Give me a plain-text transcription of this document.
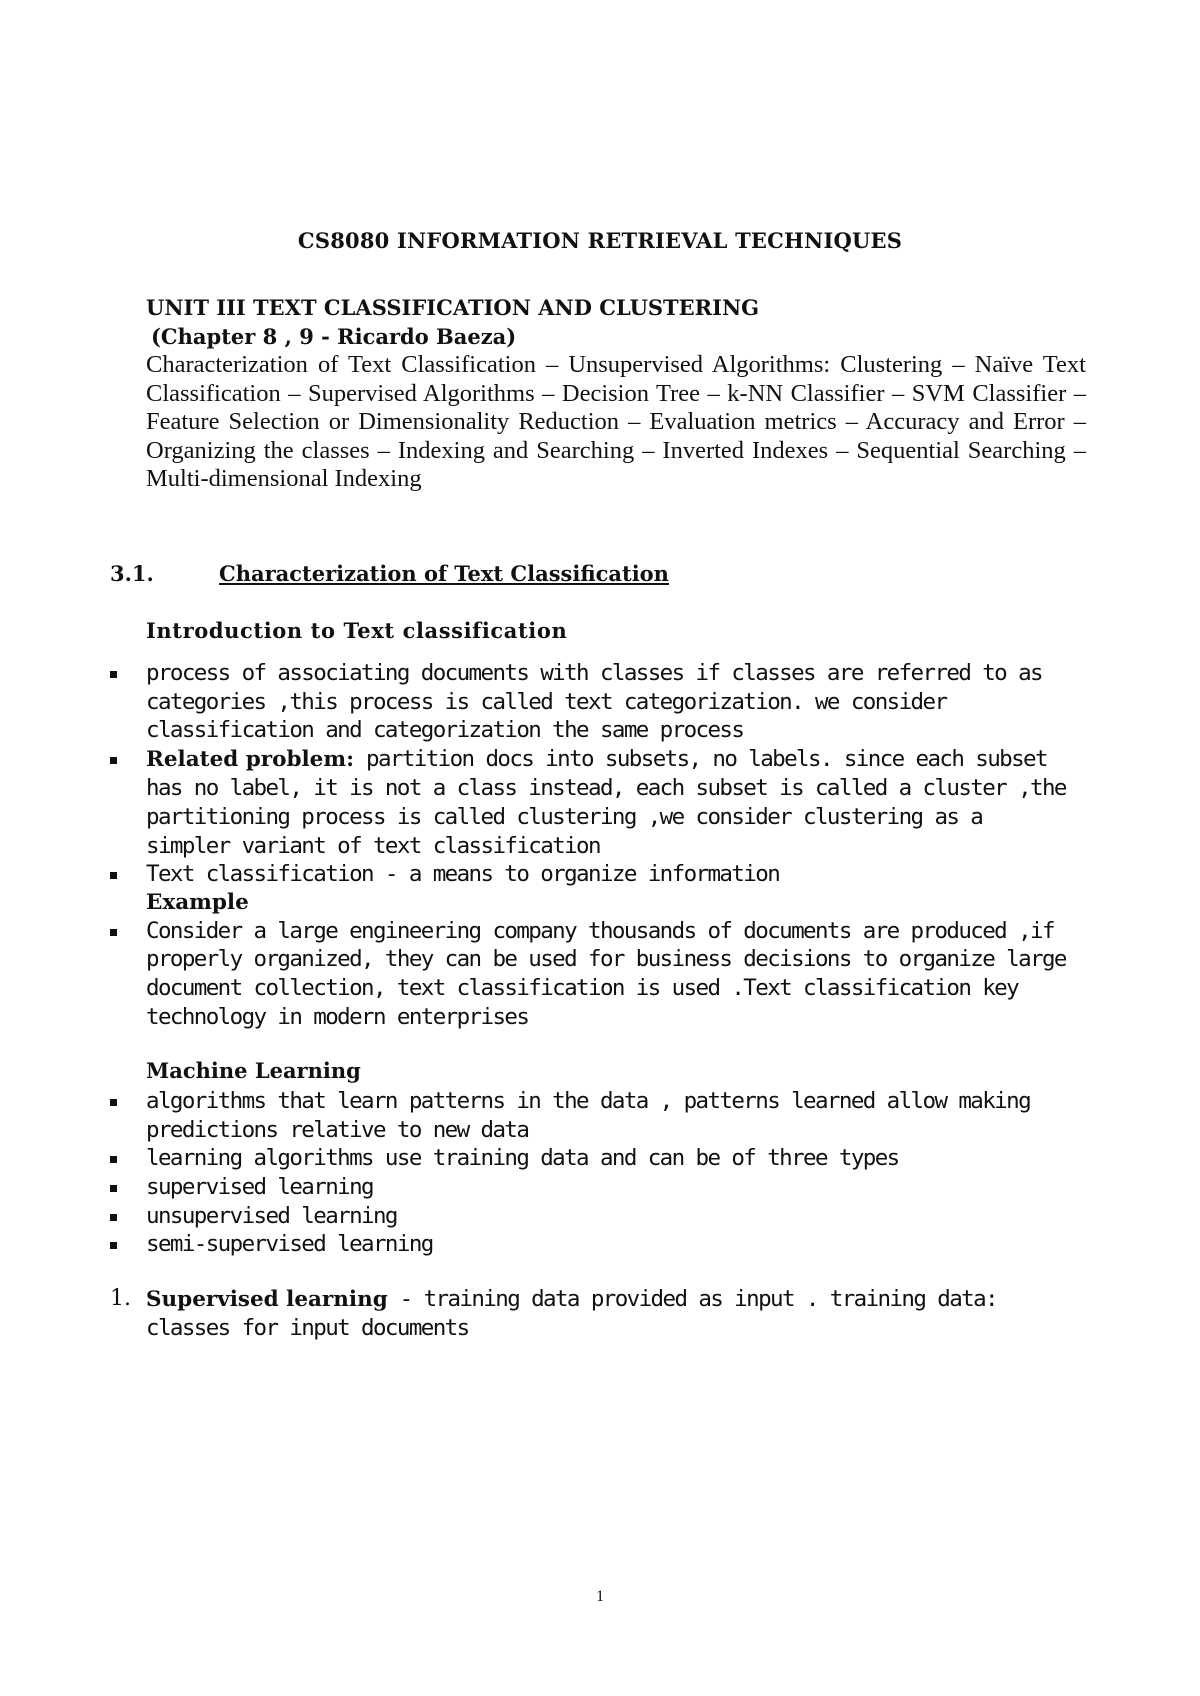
CS8080 INFORMATION RETRIEVAL TECHNIQUES

UNIT III TEXT CLASSIFICATION AND CLUSTERING

(Chapter 8 , 9 - Ricardo Baeza)

Characterization of Text Classification – Unsupervised Algorithms: Clustering – Naïve Text Classification – Supervised Algorithms – Decision Tree – k-NN Classifier – SVM Classifier – Feature Selection or Dimensionality Reduction – Evaluation metrics – Accuracy and Error – Organizing the classes – Indexing and Searching – Inverted Indexes – Sequential Searching – Multi-dimensional Indexing

3.1.	Characterization of Text Classification
Introduction to Text classification
process of associating documents with classes if classes are referred to as categories ,this process is called text categorization. we consider classification and categorization the same process
Related problem: partition docs into subsets, no labels. since each subset has no label, it is not a class instead, each subset is called a cluster ,the partitioning process is called clustering ,we consider clustering as a simpler variant of text classification
Text classification - a means to organize information
Example
Consider a large engineering company thousands of documents are produced ,if properly organized, they can be used for business decisions to organize large document collection, text classification is used .Text classification key technology in modern enterprises
Machine Learning
algorithms that learn patterns in the data , patterns learned allow making predictions relative to new data
learning algorithms use training data and can be of three types
supervised learning
unsupervised learning
semi-supervised learning
1. Supervised learning - training data provided as input . training data: classes for input documents
1
